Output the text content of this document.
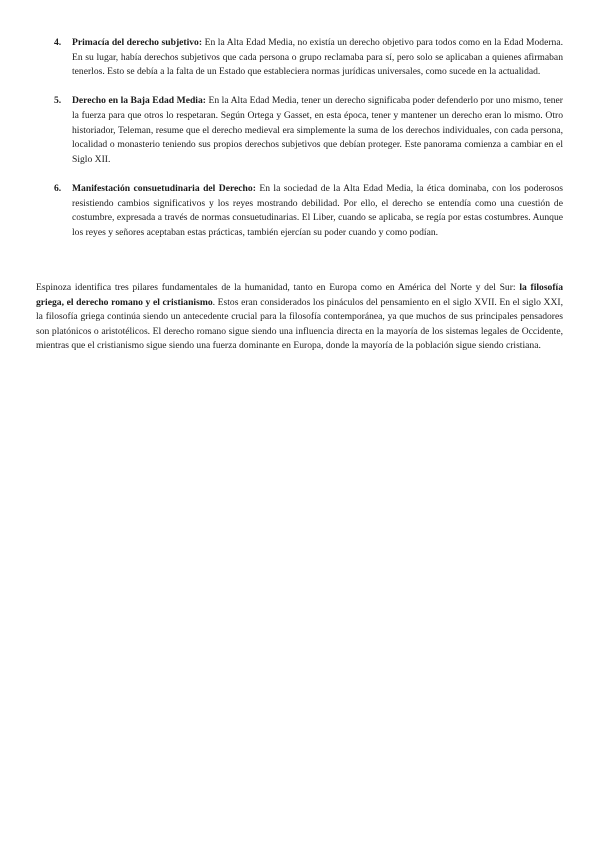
4. Primacía del derecho subjetivo: En la Alta Edad Media, no existía un derecho objetivo para todos como en la Edad Moderna. En su lugar, había derechos subjetivos que cada persona o grupo reclamaba para sí, pero solo se aplicaban a quienes afirmaban tenerlos. Esto se debía a la falta de un Estado que estableciera normas jurídicas universales, como sucede en la actualidad.
5. Derecho en la Baja Edad Media: En la Alta Edad Media, tener un derecho significaba poder defenderlo por uno mismo, tener la fuerza para que otros lo respetaran. Según Ortega y Gasset, en esta época, tener y mantener un derecho eran lo mismo. Otro historiador, Teleman, resume que el derecho medieval era simplemente la suma de los derechos individuales, con cada persona, localidad o monasterio teniendo sus propios derechos subjetivos que debían proteger. Este panorama comienza a cambiar en el Siglo XII.
6. Manifestación consuetudinaria del Derecho: En la sociedad de la Alta Edad Media, la ética dominaba, con los poderosos resistiendo cambios significativos y los reyes mostrando debilidad. Por ello, el derecho se entendía como una cuestión de costumbre, expresada a través de normas consuetudinarias. El Liber, cuando se aplicaba, se regía por estas costumbres. Aunque los reyes y señores aceptaban estas prácticas, también ejercían su poder cuando y como podían.

Espinoza identifica tres pilares fundamentales de la humanidad, tanto en Europa como en América del Norte y del Sur: la filosofía griega, el derecho romano y el cristianismo. Estos eran considerados los pináculos del pensamiento en el siglo XVII. En el siglo XXI, la filosofía griega continúa siendo un antecedente crucial para la filosofía contemporánea, ya que muchos de sus principales pensadores son platónicos o aristotélicos. El derecho romano sigue siendo una influencia directa en la mayoría de los sistemas legales de Occidente, mientras que el cristianismo sigue siendo una fuerza dominante en Europa, donde la mayoría de la población sigue siendo cristiana.
